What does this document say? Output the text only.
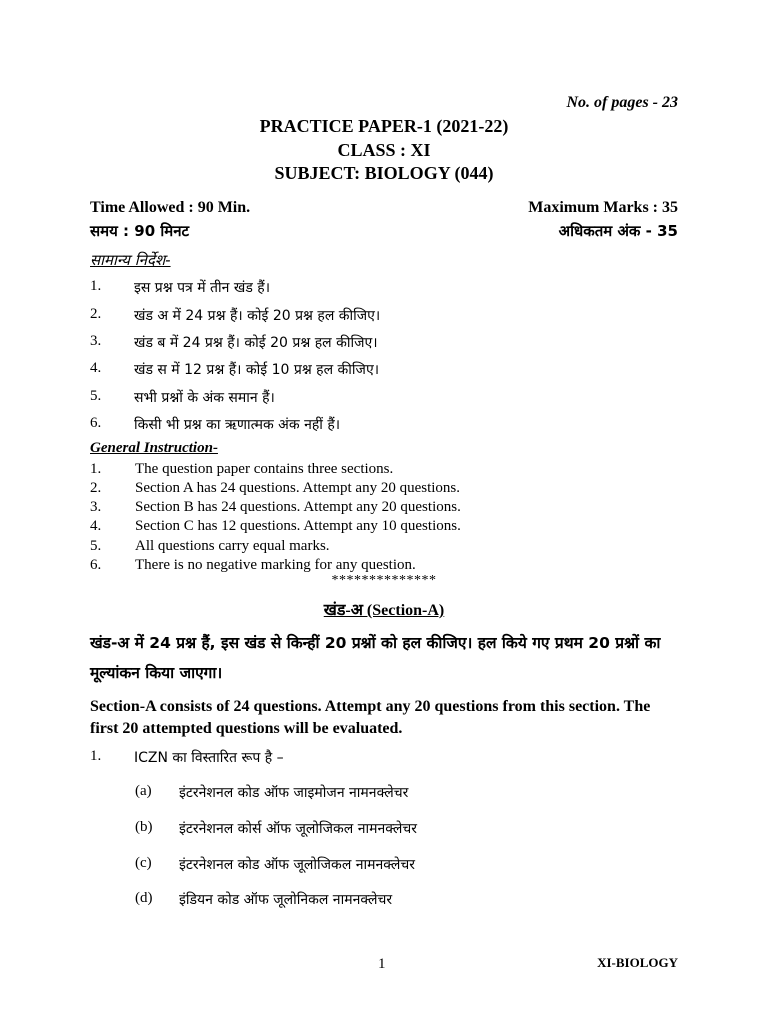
No. of pages - 23
PRACTICE PAPER-1 (2021-22)
CLASS : XI
SUBJECT: BIOLOGY (044)
Time Allowed : 90 Min.	Maximum Marks : 35
समय : 90 मिनट	अधिकतम अंक - 35
सामान्य निर्देश-
1.	इस प्रश्न पत्र में तीन खंड हैं।
2.	खंड अ में 24 प्रश्न हैं। कोई 20 प्रश्न हल कीजिए।
3.	खंड ब में 24 प्रश्न हैं। कोई 20 प्रश्न हल कीजिए।
4.	खंड स में 12 प्रश्न हैं। कोई 10 प्रश्न हल कीजिए।
5.	सभी प्रश्नों के अंक समान हैं।
6.	किसी भी प्रश्न का ऋणात्मक अंक नहीं हैं।
General Instruction-
1.	The question paper contains three sections.
2.	Section A has 24 questions. Attempt any 20 questions.
3.	Section B has 24 questions. Attempt any 20 questions.
4.	Section C has 12 questions. Attempt any 10 questions.
5.	All questions carry equal marks.
6.	There is no negative marking for any question.
**************
खंड-अ (Section-A)
खंड-अ में 24 प्रश्न हैं, इस खंड से किन्हीं 20 प्रश्नों को हल कीजिए। हल किये गए प्रथम 20 प्रश्नों का मूल्यांकन किया जाएगा।
Section-A consists of 24 questions. Attempt any 20 questions from this section. The first 20 attempted questions will be evaluated.
1.	ICZN का विस्तारित रूप है –
(a)	इंटरनेशनल कोड ऑफ जाइमोजन नामनक्लेचर
(b)	इंटरनेशनल कोर्स ऑफ जूलोजिकल नामनक्लेचर
(c)	इंटरनेशनल कोड ऑफ जूलोजिकल नामनक्लेचर
(d)	इंडियन कोड ऑफ जूलोनिकल नामनक्लेचर
1	XI-BIOLOGY
